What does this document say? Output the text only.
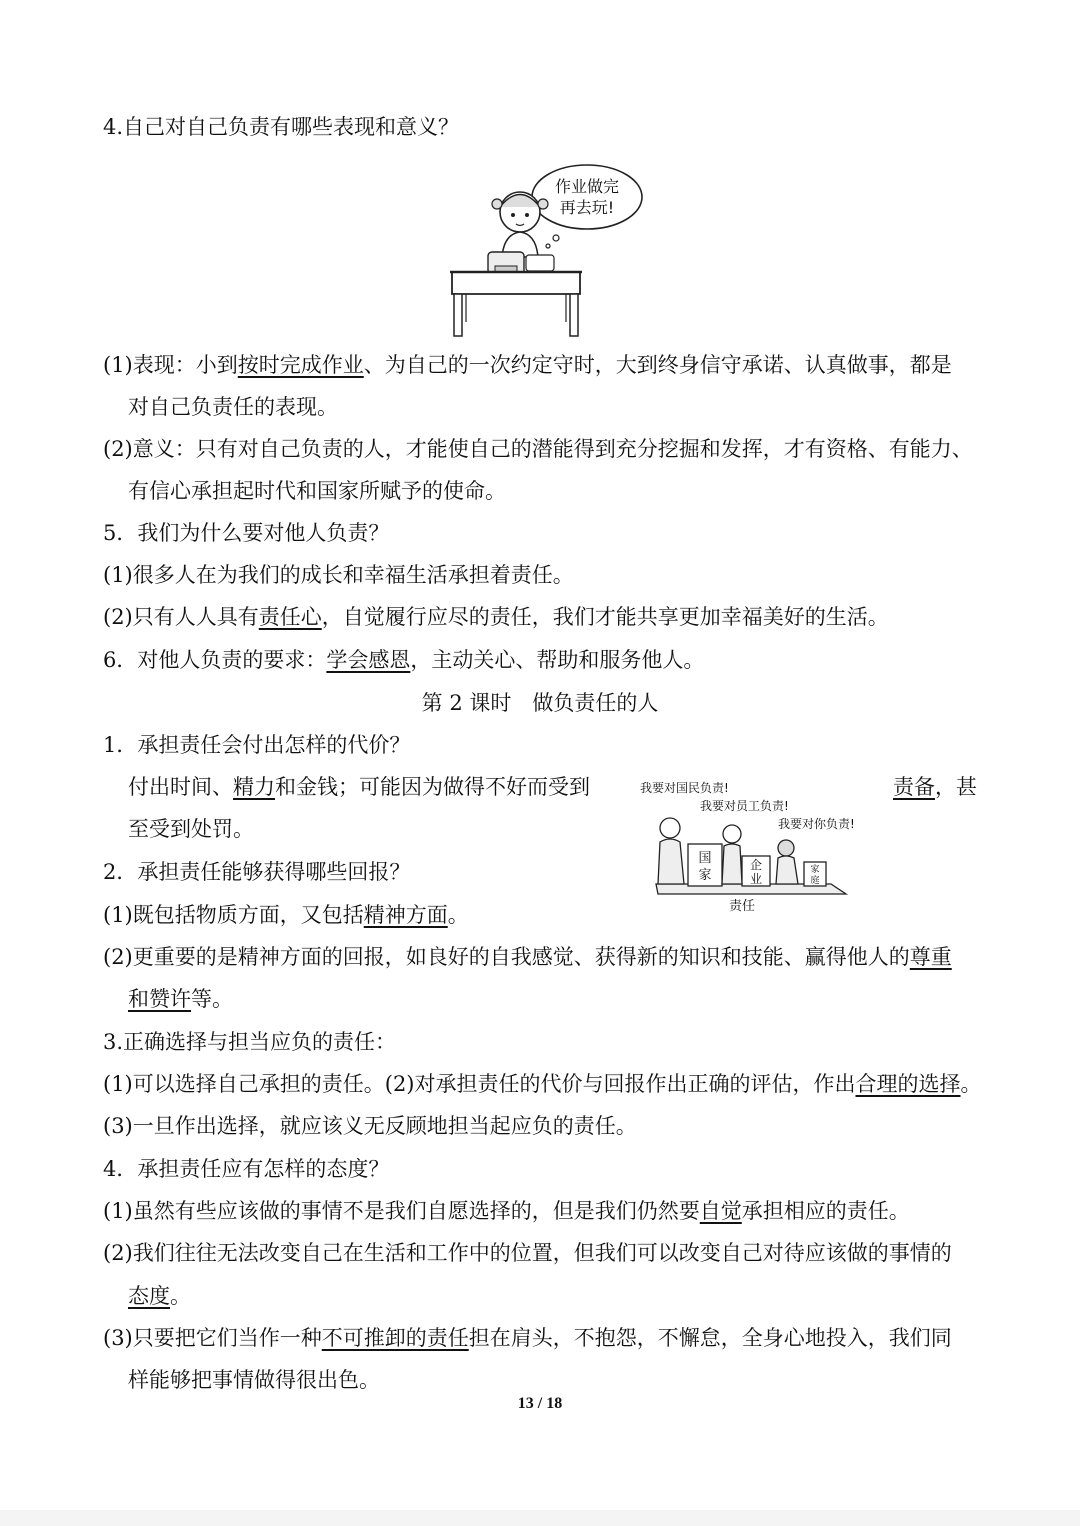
4.自己对自己负责有哪些表现和意义？
作业做完
再去玩!
(1)表现：小到按时完成作业、为自己的一次约定守时，大到终身信守承诺、认真做事，都是
对自己负责任的表现。
(2)意义：只有对自己负责的人，才能使自己的潜能得到充分挖掘和发挥，才有资格、有能力、
有信心承担起时代和国家所赋予的使命。
5．我们为什么要对他人负责？
(1)很多人在为我们的成长和幸福生活承担着责任。
(2)只有人人具有责任心，自觉履行应尽的责任，我们才能共享更加幸福美好的生活。
6．对他人负责的要求：学会感恩，主动关心、帮助和服务他人。
第 2 课时　做负责任的人
1．承担责任会付出怎样的代价？
付出时间、精力和金钱；可能因为做得不好而受到	责备，甚
至受到处罚。
我要对国民负责!
我要对员工负责!
我要对你负责!
国
家
企
业
家
庭
责任
2．承担责任能够获得哪些回报？
(1)既包括物质方面，又包括精神方面。
(2)更重要的是精神方面的回报，如良好的自我感觉、获得新的知识和技能、赢得他人的尊重
和赞许等。
3.正确选择与担当应负的责任：
(1)可以选择自己承担的责任。(2)对承担责任的代价与回报作出正确的评估，作出合理的选择。
(3)一旦作出选择，就应该义无反顾地担当起应负的责任。
4．承担责任应有怎样的态度？
(1)虽然有些应该做的事情不是我们自愿选择的，但是我们仍然要自觉承担相应的责任。
(2)我们往往无法改变自己在生活和工作中的位置，但我们可以改变自己对待应该做的事情的
态度。
(3)只要把它们当作一种不可推卸的责任担在肩头，不抱怨，不懈怠，全身心地投入，我们同
样能够把事情做得很出色。
13 / 18
